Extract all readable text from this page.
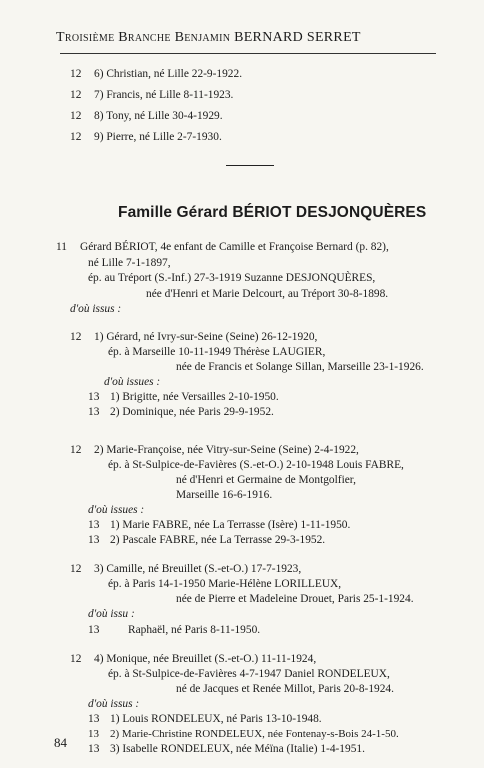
Troisième Branche Benjamin BERNARD SERRET
12	6) Christian, né Lille 22-9-1922.
12	7) Francis, né Lille 8-11-1923.
12	8) Tony, né Lille 30-4-1929.
12	9) Pierre, né Lille 2-7-1930.
Famille Gérard BÉRIOT DESJONQUÈRES
11	Gérard BÉRIOT, 4e enfant de Camille et Françoise Bernard (p. 82),
né Lille 7-1-1897,
ép. au Tréport (S.-Inf.) 27-3-1919 Suzanne DESJONQUÈRES,
née d'Henri et Marie Delcourt, au Tréport 30-8-1898.
d'où issus :
12	1) Gérard, né Ivry-sur-Seine (Seine) 26-12-1920,
ép. à Marseille 10-11-1949 Thérèse LAUGIER,
née de Francis et Solange Sillan, Marseille 23-1-1926.
d'où issues :
13 1) Brigitte, née Versailles 2-10-1950.
13 2) Dominique, née Paris 29-9-1952.
12	2) Marie-Françoise, née Vitry-sur-Seine (Seine) 2-4-1922,
ép. à St-Sulpice-de-Favières (S.-et-O.) 2-10-1948 Louis FABRE,
né d'Henri et Germaine de Montgolfier,
Marseille 16-6-1916.
d'où issues :
13 1) Marie FABRE, née La Terrasse (Isère) 1-11-1950.
13 2) Pascale FABRE, née La Terrasse 29-3-1952.
12	3) Camille, né Breuillet (S.-et-O.) 17-7-1923,
ép. à Paris 14-1-1950 Marie-Hélène LORILLEUX,
née de Pierre et Madeleine Drouet, Paris 25-1-1924.
d'où issu :
13	Raphaël, né Paris 8-11-1950.
12	4) Monique, née Breuillet (S.-et-O.) 11-11-1924,
ép. à St-Sulpice-de-Favières 4-7-1947 Daniel RONDELEUX,
né de Jacques et Renée Millot, Paris 20-8-1924.
d'où issus :
13 1) Louis RONDELEUX, né Paris 13-10-1948.
13	2) Marie-Christine RONDELEUX, née Fontenay-s-Bois 24-1-50.
13 3) Isabelle RONDELEUX, née Méïna (Italie) 1-4-1951.
84
